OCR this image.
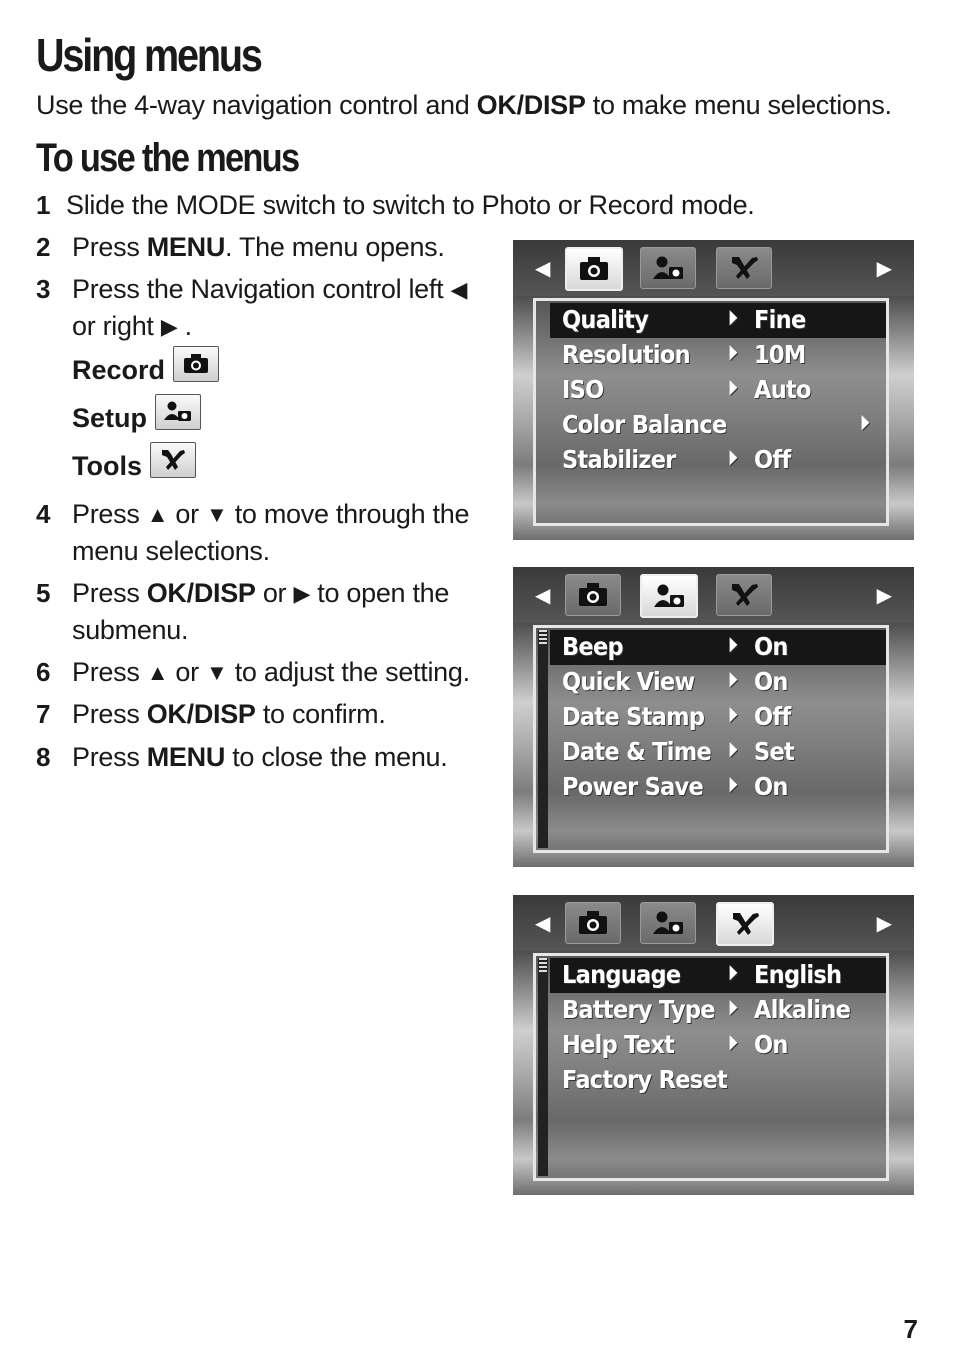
Using menus
Use the 4-way navigation control and OK/DISP to make menu selections.
To use the menus
1 Slide the MODE switch to switch to Photo or Record mode.
2 Press MENU. The menu opens.
3 Press the Navigation control left ◀
or right ▶ .
Record
Setup
Tools
4 Press ▲ or ▼ to move through the
menu selections.
5 Press OK/DISP or ▶ to open the
submenu.
6 Press ▲ or ▼ to adjust the setting.
7 Press OK/DISP to confirm.
8 Press MENU to close the menu.
◀	▶
Quality	⏵ Fine
Resolution ⏵ 10M
ISO	⏵ Auto
Color Balance	⏵
Stabilizer	⏵ Off
◀	▶
Beep	⏵ On
Quick View ⏵ On
Date Stamp ⏵ Off
Date & Time ⏵ Set
Power Save ⏵ On
◀	▶
Language	⏵ English
Battery Type ⏵ Alkaline
Help Text	⏵ On
Factory Reset
7
